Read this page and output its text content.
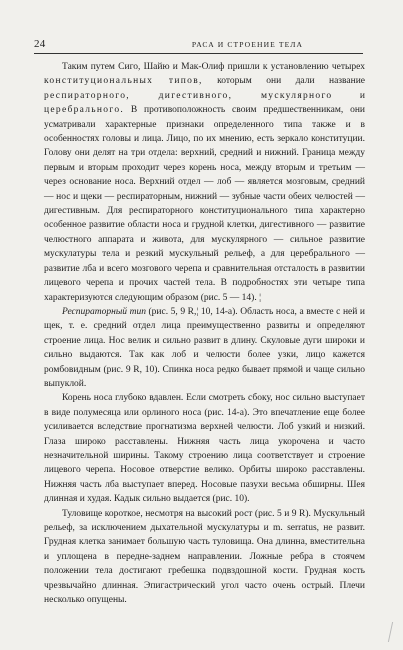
24	РАСА И СТРОЕНИЕ ТЕЛА

Таким путем Сиго, Шайю и Мак-Олиф пришли к установлению четырех конституциональных типов, которым они дали название респираторного, дигестивного, мускулярного	и церебрального. В противоположность своим предшественникам, они усматривали характерные признаки определенного типа также и в особенностях головы и лица. Лицо, по их мнению, есть зеркало конституции. Голову они делят на три отдела: верхний, средний и нижний. Граница между первым и вторым проходит через корень носа, между вторым и третьим — через основание носа. Верхний отдел — лоб — является мозговым, средний — нос и щеки — респираторным, нижний — зубные части обеих челюстей — дигестивным. Для респираторного конституционального типа характерно особенное развитие области носа и грудной клетки, дигестивного — развитие челюстного аппарата и живота, для мускулярного — сильное развитие мускулатуры тела и резкий мускульный рельеф, а для церебрального — развитие лба и всего мозгового черепа и сравнительная отсталость в развитии лицевого черепа и прочих частей тела. В подробностях эти четыре типа характеризуются следующим образом (рис. 5 — 14). ¦

Респираторный тип (рис. 5, 9 R,¦ 10, 14-a). Область носа, а вместе с ней и щек, т. е. средний отдел лица преимущественно развиты и определяют строение лица. Нос велик и сильно развит в длину. Скуловые дуги широки и сильно выдаются. Так как лоб и челюсти более узки, лицо кажется ромбовидным (рис. 9 R, 10). Спинка носа редко бывает прямой и чаще сильно выпуклой.

Корень носа глубоко вдавлен. Если смотреть сбоку, нос сильно выступает в виде полумесяца или орлиного носа (рис. 14-a). Это впечатление еще более усиливается вследствие прогнатизма верхней челюсти. Лоб узкий и низкий. Глаза широко расставлены. Нижняя часть лица укорочена и часто незначительной ширины. Такому строению лица соответствует и строение лицевого черепа. Носовое отверстие велико. Орбиты широко расставлены. Нижняя часть лба выступает вперед. Носовые пазухи весьма обширны. Шея длинная и худая. Кадык сильно выдается (рис. 10).

Туловище короткое, несмотря на высокий рост (рис. 5 и 9 R). Мускульный рельеф, за исключением дыхательной мускулатуры и m. serratus, не развит. Грудная клетка занимает большую часть туловища. Она длинна, вместительна и уплощена в передне-заднем направлении. Ложные ребра в стоячем положении тела достигают гребешка подвздошной кости. Грудная кость чрезвычайно длинная. Эпигастрический угол часто очень острый. Плечи несколько опущены.
